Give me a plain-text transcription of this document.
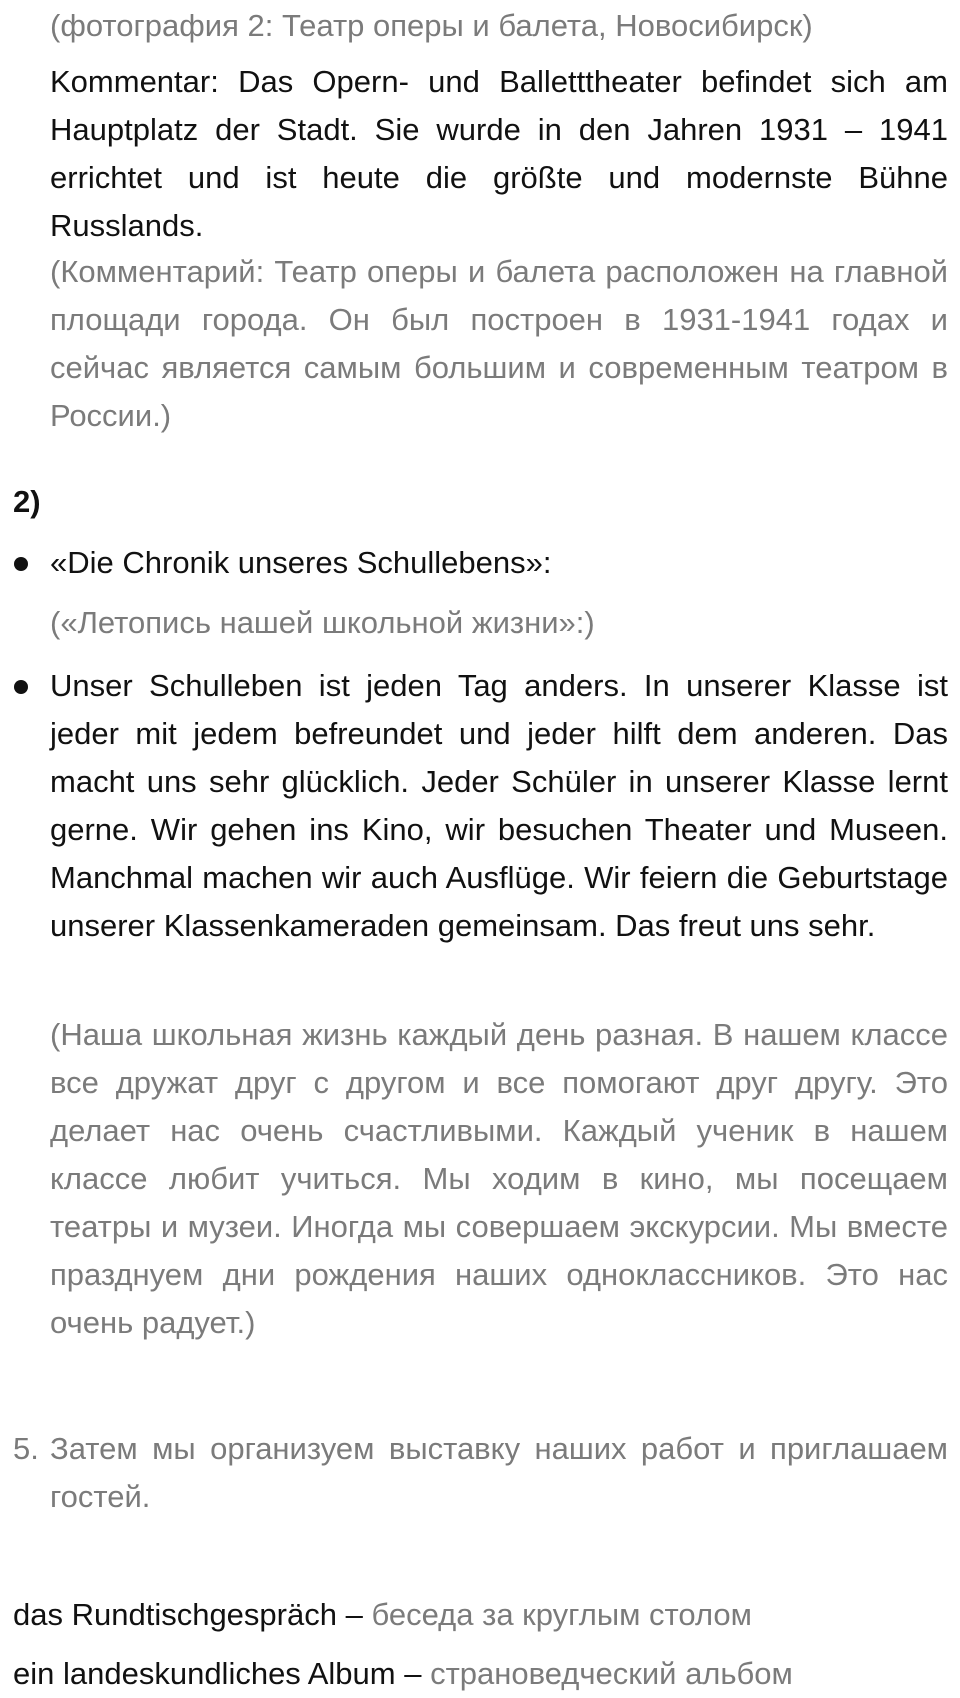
(фотография 2: Театр оперы и балета, Новосибирск)

Kommentar: Das Opern- und Balletttheater befindet sich am Hauptplatz der Stadt. Sie wurde in den Jahren 1931 – 1941 errichtet und ist heute die größte und modernste Bühne Russlands.

(Комментарий: Театр оперы и балета расположен на главной площади города. Он был построен в 1931-1941 годах и сейчас является самым большим и современным театром в России.)

2)

«Die Chronik unseres Schullebens»:

(«Летопись нашей школьной жизни»:)

Unser Schulleben ist jeden Tag anders. In unserer Klasse ist jeder mit jedem befreundet und jeder hilft dem anderen. Das macht uns sehr glücklich. Jeder Schüler in unserer Klasse lernt gerne. Wir gehen ins Kino, wir besuchen Theater und Museen. Manchmal machen wir auch Ausflüge. Wir feiern die Geburtstage unserer Klassenkameraden gemeinsam. Das freut uns sehr.

(Наша школьная жизнь каждый день разная. В нашем классе все дружат друг с другом и все помогают друг другу. Это делает нас очень счастливыми. Каждый ученик в нашем классе любит учиться. Мы ходим в кино, мы посещаем театры и музеи. Иногда мы совершаем экскурсии. Мы вместе празднуем дни рождения наших одноклассников. Это нас очень радует.)

5. Затем мы организуем выставку наших работ и приглашаем гостей.

das Rundtischgespräch – беседа за круглым столом

ein landeskundliches Album – страноведческий альбом
